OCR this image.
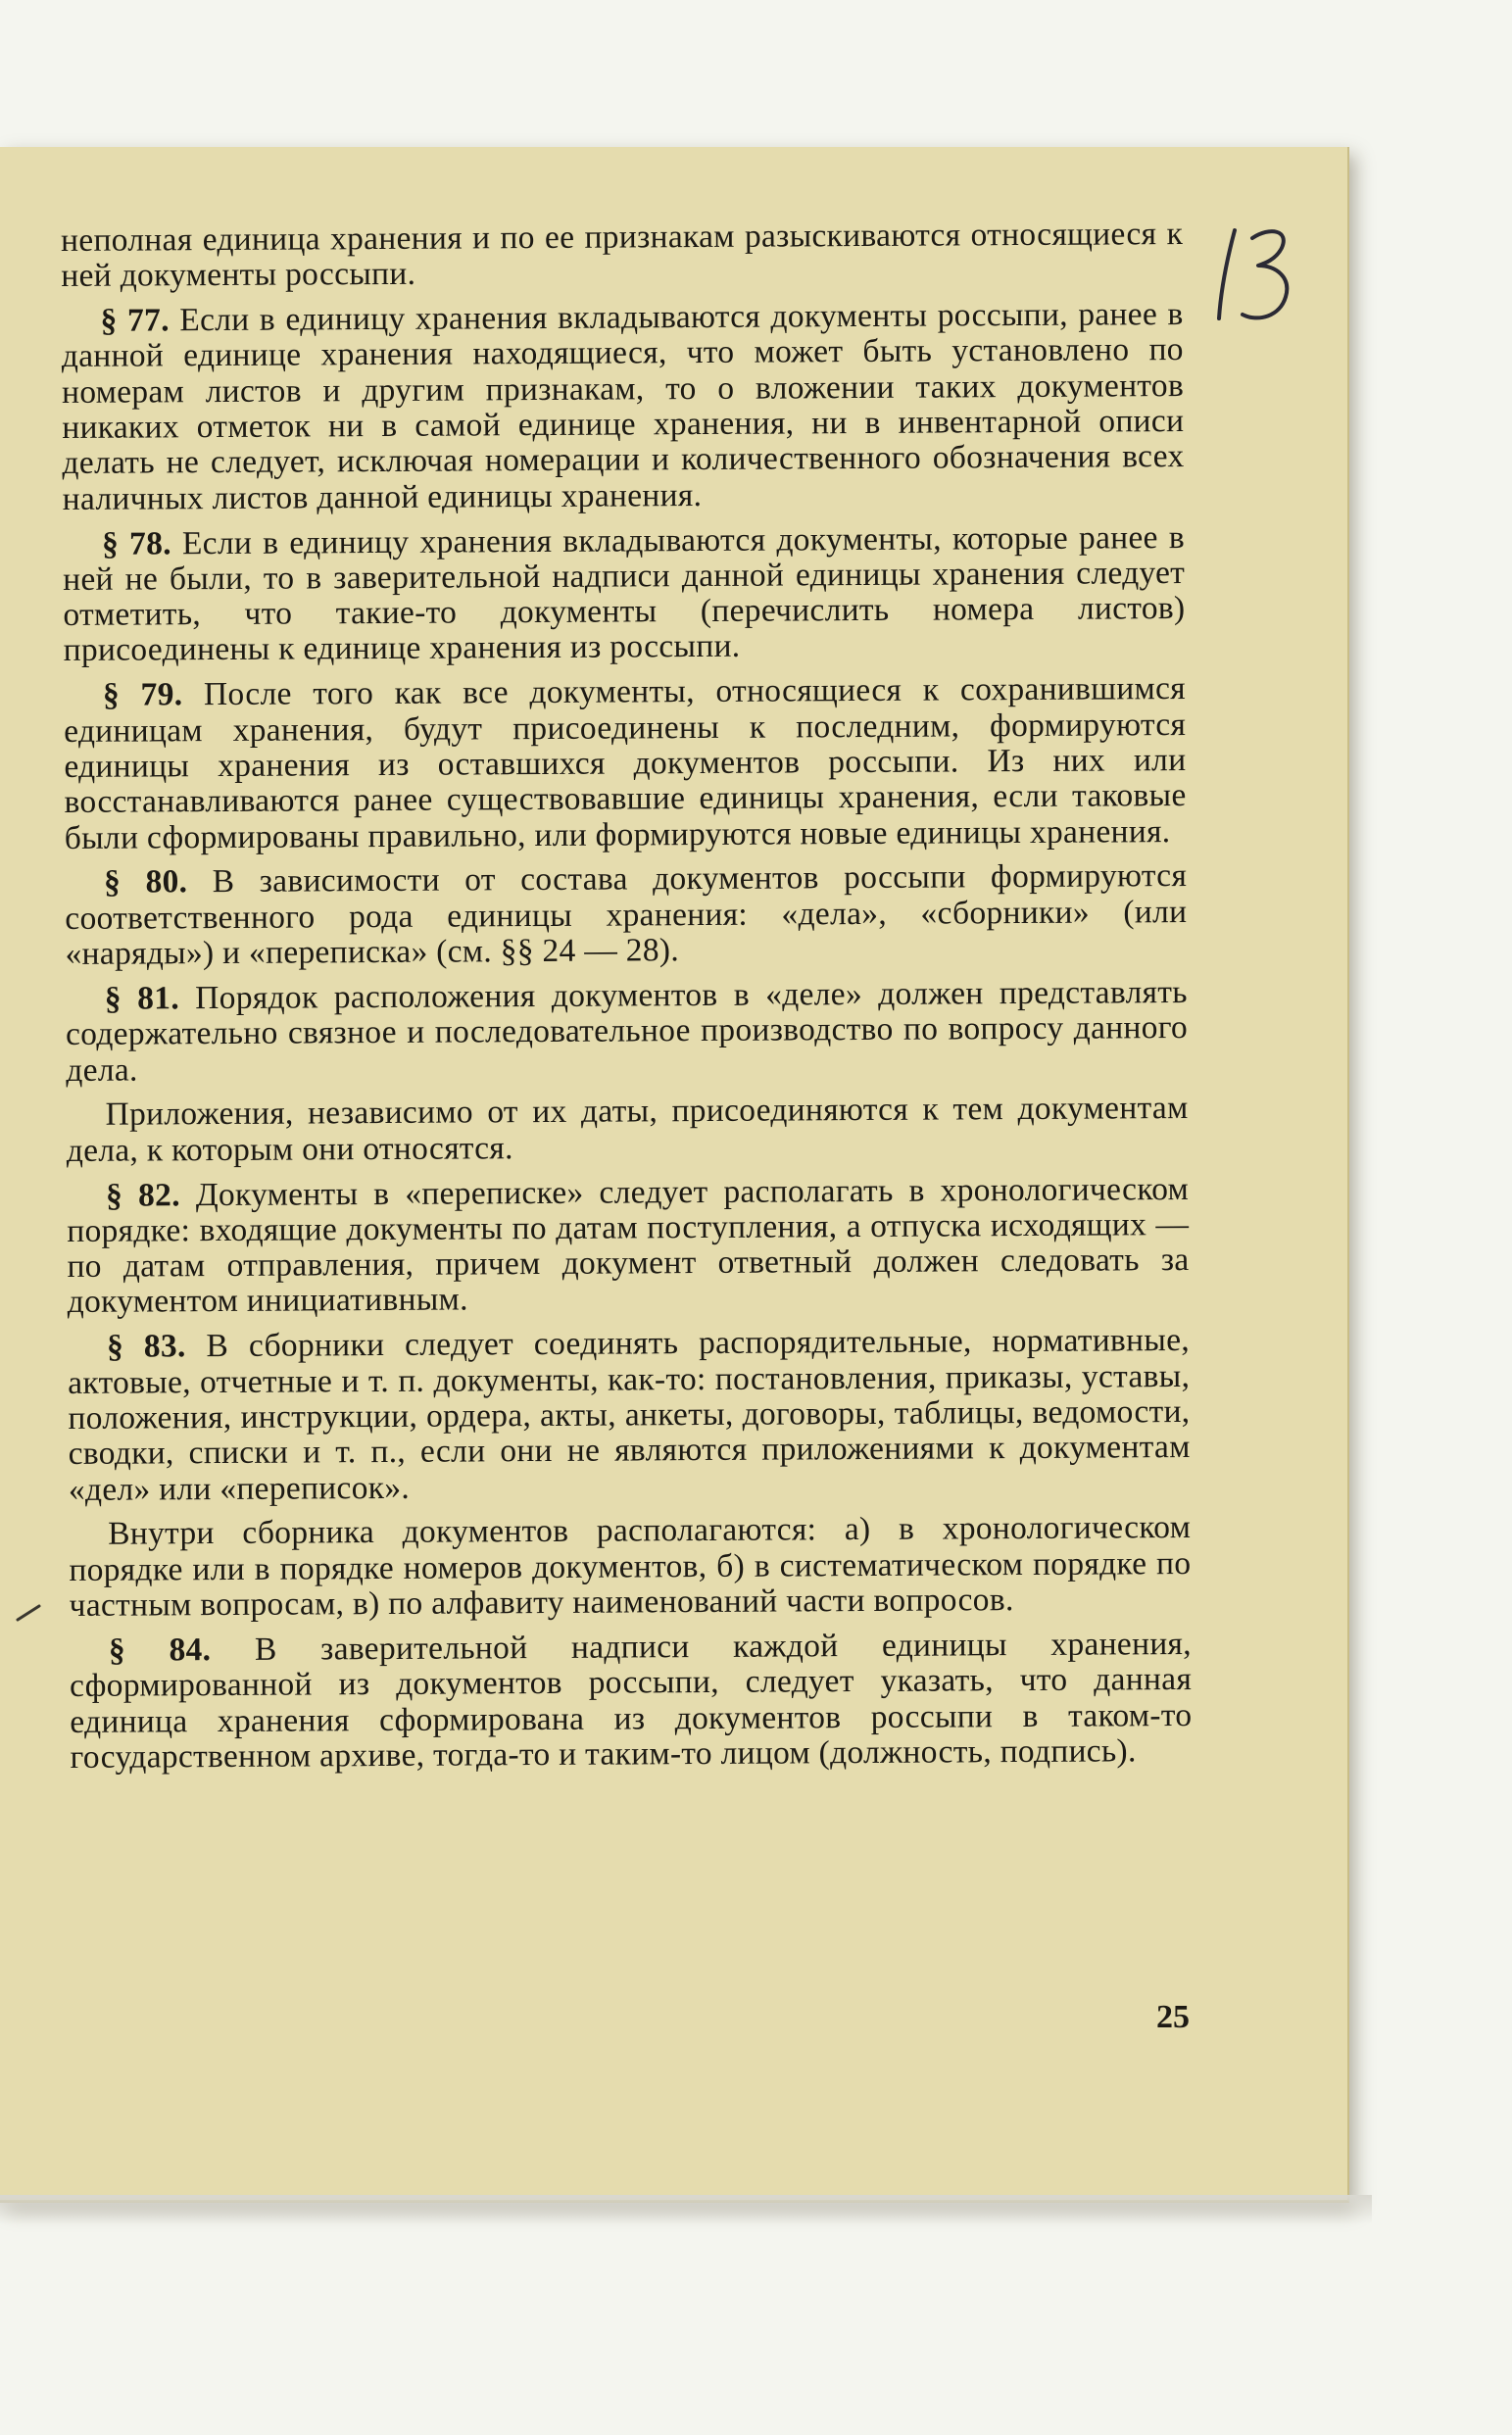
неполная единица хранения и по ее признакам разыскиваются относящиеся к ней документы россыпи.

§ 77. Если в единицу хранения вкладываются документы россыпи, ранее в данной единице хранения находящиеся, что может быть установлено по номерам листов и другим признакам, то о вложении таких документов никаких отметок ни в самой единице хранения, ни в инвентарной описи делать не следует, исключая номерации и количественного обозначения всех наличных листов данной единицы хранения.

§ 78. Если в единицу хранения вкладываются документы, которые ранее в ней не были, то в заверительной надписи данной единицы хранения следует отметить, что такие-то документы (перечислить номера листов) присоединены к единице хранения из россыпи.

§ 79. После того как все документы, относящиеся к сохранившимся единицам хранения, будут присоединены к последним, формируются единицы хранения из оставшихся документов россыпи. Из них или восстанавливаются ранее существовавшие единицы хранения, если таковые были сформированы правильно, или формируются новые единицы хранения.

§ 80. В зависимости от состава документов россыпи формируются соответственного рода единицы хранения: «дела», «сборники» (или «наряды») и «переписка» (см. §§ 24 — 28).

§ 81. Порядок расположения документов в «деле» должен представлять содержательно связное и последовательное производство по вопросу данного дела.

Приложения, независимо от их даты, присоединяются к тем документам дела, к которым они относятся.

§ 82. Документы в «переписке» следует располагать в хронологическом порядке: входящие документы по датам поступления, а отпуска исходящих — по датам отправления, причем документ ответный должен следовать за документом инициативным.

§ 83. В сборники следует соединять распорядительные, нормативные, актовые, отчетные и т. п. документы, как-то: постановления, приказы, уставы, положения, инструкции, ордера, акты, анкеты, договоры, таблицы, ведомости, сводки, списки и т. п., если они не являются приложениями к документам «дел» или «переписок».

Внутри сборника документов располагаются: а) в хронологическом порядке или в порядке номеров документов, б) в систематическом порядке по частным вопросам, в) по алфавиту наименований части вопросов.

§ 84. В заверительной надписи каждой единицы хранения, сформированной из документов россыпи, следует указать, что данная единица хранения сформирована из документов россыпи в таком-то государственном архиве, тогда-то и таким-то лицом (должность, подпись).

25
